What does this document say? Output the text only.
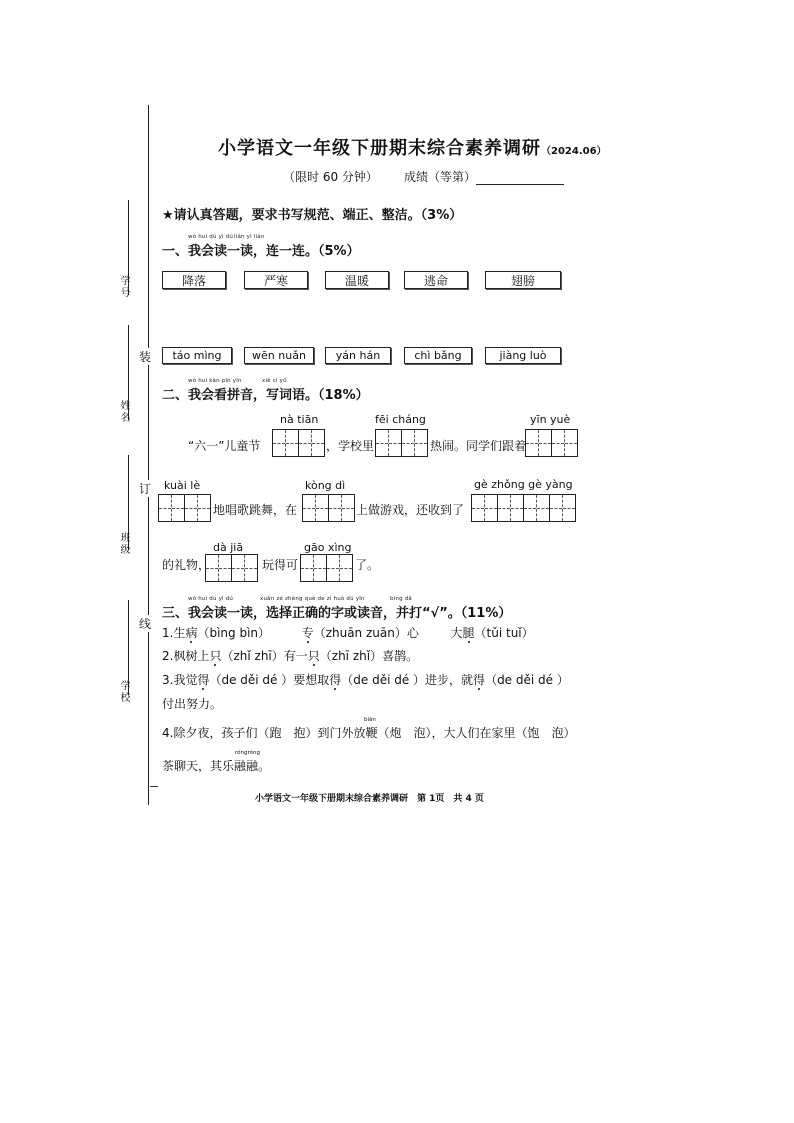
学号
姓名
班级
学校
装
订
线
小学语文一年级下册期末综合素养调研（2024.06）
（限时 60 分钟） 成绩（等第）
★请认真答题，要求书写规范、端正、整洁。（3%）
wǒ huì dú yì dú lián yì lián
一、我会读一读，连一连。（5%）
降落	严寒	温暖	逃命	翅膀
táo mìng	wēn nuǎn	yán hán	chì bǎng	jiàng luò
wǒ huì kàn pīn yīn	xiě cí yǔ
二、我会看拼音，写词语。（18%）
nà tiān	fēi cháng	yīn yuè
“六一”儿童节	，学校里	热闹。同学们跟着
kuài lè	kòng dì	gè zhǒng gè yàng
地唱歌跳舞，在	上做游戏，还收到了
dà jiā	gāo xìng
的礼物，	玩得可	了。
wǒ huì dú yì dú	xuǎn zé zhèng què de zì huò dú yīn	bìng dǎ
三、我会读一读，选择正确的字或读音，并打“√”。（11%）
1.生病（bìng bìn）	专（zhuān zuān）心	大腿（tǔi tuǐ）
2.枫树上只（zhǐ zhī）有一只（zhī zhǐ）喜鹊。
3.我觉得（de děi dé ）要想取得（de děi dé ）进步，就得（de děi dé ）
付出努力。
biān
4.除夕夜，孩子们（跑　抱）到门外放鞭（炮　泡），大人们在家里（饱　泡）
róngróng
茶聊天，其乐融融。
小学语文一年级下册期末综合素养调研　第 1页　共 4 页
